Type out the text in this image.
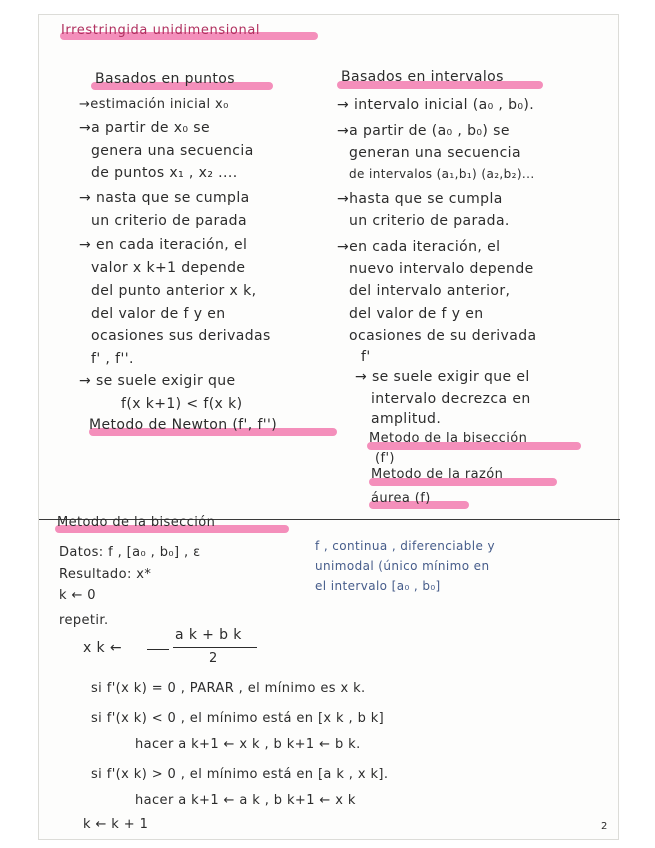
Irrestringida unidimensional
Basados en puntos
→estimación inicial x₀
→a partir de x₀ se
genera una secuencia
de puntos x₁ , x₂ ....
→ nasta que se cumpla
un criterio de parada
→ en cada iteración, el
valor x k+1 depende
del punto anterior x k,
del valor de f y en
ocasiones sus derivadas
f' , f''.
→ se suele exigir que
f(x k+1) < f(x k)
Metodo de Newton (f', f'')
Basados en intervalos
→ intervalo inicial (a₀ , b₀).
→a partir de (a₀ , b₀) se
generan una secuencia
de intervalos (a₁,b₁) (a₂,b₂)...
→hasta que se cumpla
un criterio de parada.
→en cada iteración, el
nuevo intervalo depende
del intervalo anterior,
del valor de f y en
ocasiones de su derivada
f'
→ se suele exigir que el
intervalo decrezca en
amplitud.
Metodo de la bisección
(f')
Metodo de la razón
áurea (f)
Metodo de la bisección
Datos: f , [a₀ , b₀] , ε
Resultado: x*
k ← 0
repetir.
x k ←
a k + b k
2
si f'(x k) = 0 , PARAR , el mínimo es x k.
si f'(x k) < 0 , el mínimo está en [x k , b k]
hacer a k+1 ← x k , b k+1 ← b k.
si f'(x k) > 0 , el mínimo está en [a k , x k].
hacer a k+1 ← a k , b k+1 ← x k
k ← k + 1
f , continua , diferenciable y
unimodal (único mínimo en
el intervalo [a₀ , b₀]
2
